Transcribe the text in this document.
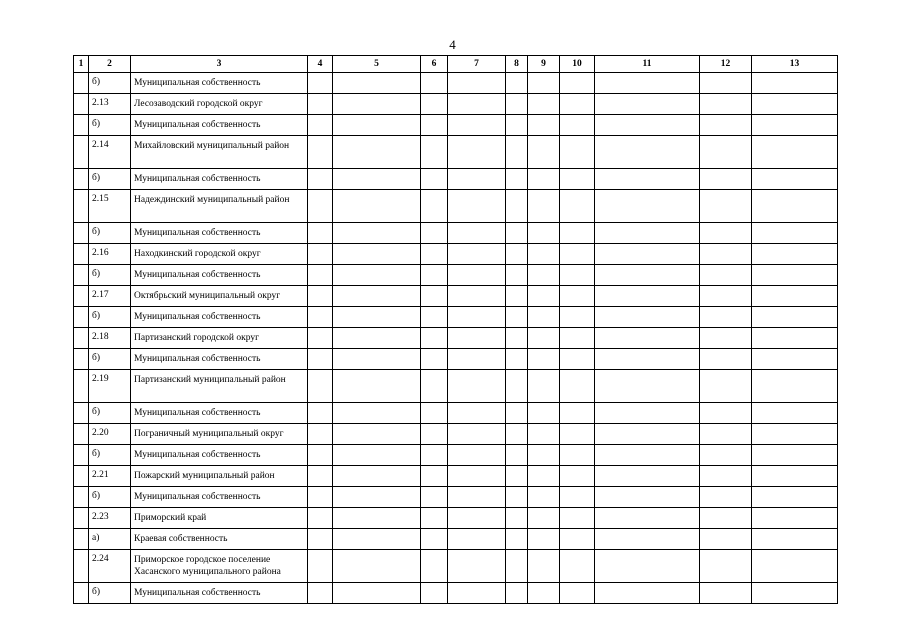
4
1	2	3	4	5	6	7	8	9	10	11	12	13
	б)	Муниципальная собственность										
	2.13	Лесозаводский городской округ										
	б)	Муниципальная собственность										
	2.14	Михайловский муниципальный район										
	б)	Муниципальная собственность										
	2.15	Надеждинский муниципальный район										
	б)	Муниципальная собственность										
	2.16	Находкинский городской округ										
	б)	Муниципальная собственность										
	2.17	Октябрьский муниципальный округ										
	б)	Муниципальная собственность										
	2.18	Партизанский городской округ										
	б)	Муниципальная собственность										
	2.19	Партизанский муниципальный район										
	б)	Муниципальная собственность										
	2.20	Пограничный муниципальный округ										
	б)	Муниципальная собственность										
	2.21	Пожарский муниципальный район										
	б)	Муниципальная собственность										
	2.23	Приморский край										
	а)	Краевая собственность										
	2.24	Приморское городское поселение Хасанского муниципального района										
	б)	Муниципальная собственность										
